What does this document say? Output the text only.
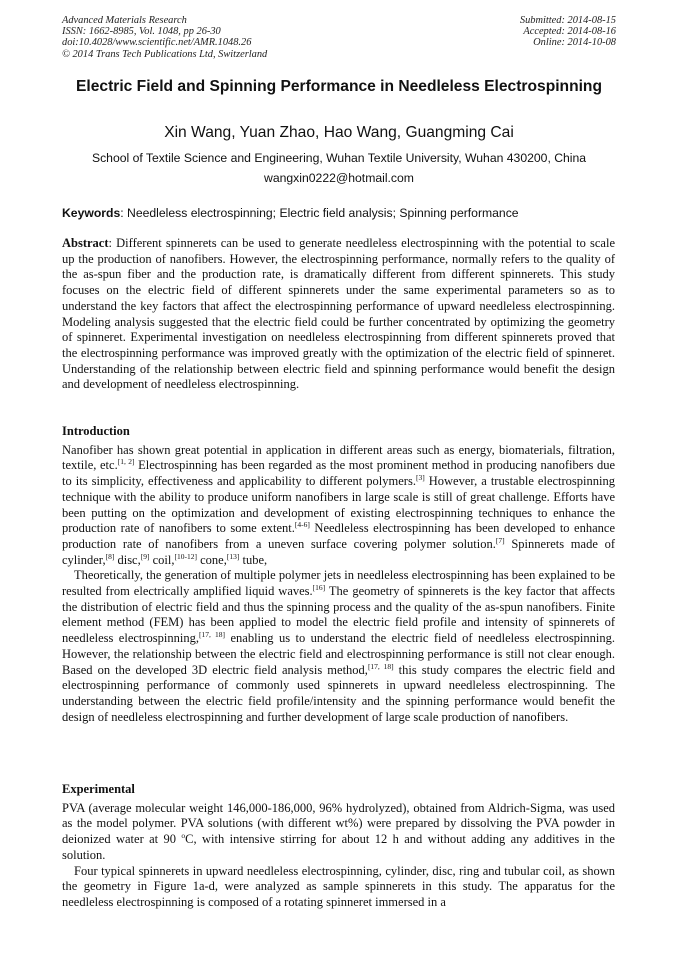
Advanced Materials Research
ISSN: 1662-8985, Vol. 1048, pp 26-30
doi:10.4028/www.scientific.net/AMR.1048.26
© 2014 Trans Tech Publications Ltd, Switzerland
Submitted: 2014-08-15
Accepted: 2014-08-16
Online: 2014-10-08
Electric Field and Spinning Performance in Needleless Electrospinning
Xin Wang, Yuan Zhao, Hao Wang, Guangming Cai
School of Textile Science and Engineering, Wuhan Textile University, Wuhan 430200, China
wangxin0222@hotmail.com
Keywords: Needleless electrospinning; Electric field analysis; Spinning performance

Abstract: Different spinnerets can be used to generate needleless electrospinning with the potential to scale up the production of nanofibers. However, the electrospinning performance, normally refers to the quality of the as-spun fiber and the production rate, is dramatically different from different spinnerets. This study focuses on the electric field of different spinnerets under the same experimental parameters so as to understand the key factors that affect the electrospinning performance of upward needleless electrospinning. Modeling analysis suggested that the electric field could be further concentrated by optimizing the geometry of spinneret. Experimental investigation on needleless electrospinning from different spinnerets proved that the electrospinning performance was improved greatly with the optimization of the electric field of spinneret. Understanding of the relationship between electric field and spinning performance would benefit the design and development of needleless electrospinning.

Introduction

Nanofiber has shown great potential in application in different areas such as energy, biomaterials, filtration, textile, etc.[1, 2] Electrospinning has been regarded as the most prominent method in producing nanofibers due to its simplicity, effectiveness and applicability to different polymers.[3] However, a trustable electrospinning technique with the ability to produce uniform nanofibers in large scale is still of great challenge. Efforts have been putting on the optimization and development of existing electrospinning techniques to enhance the production rate of nanofibers to some extent.[4-6] Needleless electrospinning has been developed to enhance production rate of nanofibers from a uneven surface covering polymer solution.[7] Spinnerets made of cylinder,[8] disc,[9] coil,[10-12] cone,[13] tube,

Theoretically, the generation of multiple polymer jets in needleless electrospinning has been explained to be resulted from electrically amplified liquid waves.[16] The geometry of spinnerets is the key factor that affects the distribution of electric field and thus the spinning process and the quality of the as-spun nanofibers. Finite element method (FEM) has been applied to model the electric field profile and intensity of spinnerets of needleless electrospinning,[17, 18] enabling us to understand the electric field of needleless electrospinning. However, the relationship between the electric field and electrospinning performance is still not clear enough. Based on the developed 3D electric field analysis method,[17, 18] this study compares the electric field and electrospinning performance of commonly used spinnerets in upward needleless electrospinning. The understanding between the electric field profile/intensity and the spinning performance would benefit the design of needleless electrospinning and further development of large scale production of nanofibers.

Experimental

PVA (average molecular weight 146,000-186,000, 96% hydrolyzed), obtained from Aldrich-Sigma, was used as the model polymer. PVA solutions (with different wt%) were prepared by dissolving the PVA powder in deionized water at 90 $^o$C, with intensive stirring for about 12 h and without adding any additives in the solution.

Four typical spinnerets in upward needleless electrospinning, cylinder, disc, ring and tubular coil, as shown the geometry in Figure 1a-d, were analyzed as sample spinnerets in this study. The apparatus for the needleless electrospinning is composed of a rotating spinneret immersed in a
